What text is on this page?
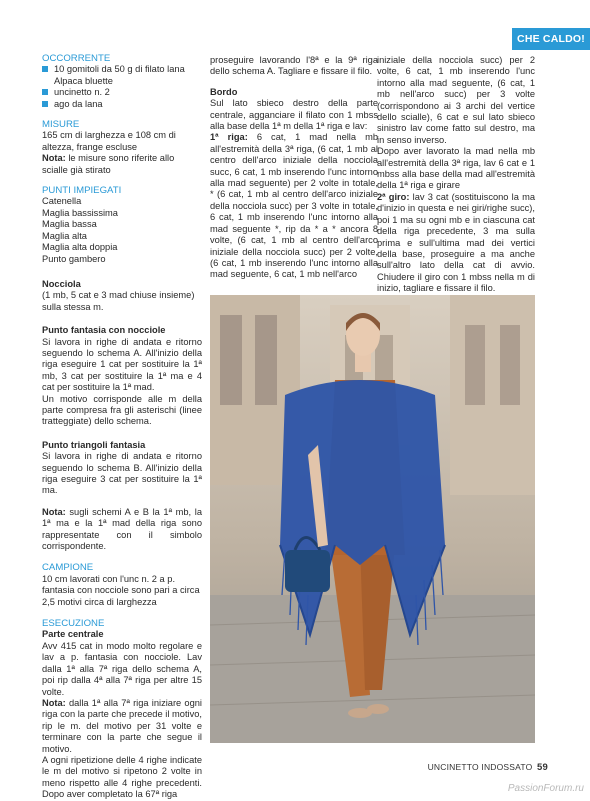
CHE CALDO!
OCCORRENTE
10 gomitoli da 50 g di filato lana Alpaca bluette
uncinetto n. 2
ago da lana
MISURE

165 cm di larghezza e 108 cm di altezza, frange escluse

Nota: le misure sono riferite allo scialle già stirato

PUNTI IMPIEGATI

Catenella

Maglia bassissima

Maglia bassa

Maglia alta

Maglia alta doppia

Punto gambero

Nocciola

(1 mb, 5 cat e 3 mad chiuse insieme) sulla stessa m.

Punto fantasia con nocciole

Si lavora in righe di andata e ritorno seguendo lo schema A. All'inizio della riga eseguire 1 cat per sostituire la 1ª mb, 3 cat per sostituire la 1ª ma e 4 cat per sostituire la 1ª mad.

Un motivo corrisponde alle m della parte compresa fra gli asterischi (linee tratteggiate) dello schema.

Punto triangoli fantasia

Si lavora in righe di andata e ritorno seguendo lo schema B. All'inizio della riga eseguire 3 cat per sostituire la 1ª ma.

Nota: sugli schemi A e B la 1ª mb, la 1ª ma e la 1ª mad della riga sono rappresentate con il simbolo corrispondente.

CAMPIONE

10 cm lavorati con l'unc n. 2 a p. fantasia con nocciole sono pari a circa 2,5 motivi circa di larghezza

ESECUZIONE
Parte centrale

Avv 415 cat in modo molto regolare e lav a p. fantasia con nocciole. Lav dalla 1ª alla 7ª riga dello schema A, poi rip dalla 4ª alla 7ª riga per altre 15 volte.

Nota: dalla 1ª alla 7ª riga iniziare ogni riga con la parte che precede il motivo, rip le m. del motivo per 31 volte e terminare con la parte che segue il motivo.

A ogni ripetizione delle 4 righe indicate le m del motivo si ripetono 2 volte in meno rispetto alle 4 righe precedenti. Dopo aver completato la 67ª riga

proseguire lavorando l'8ª e la 9ª riga dello schema A. Tagliare e fissare il filo.

Bordo

Sul lato sbieco destro della parte centrale, agganciare il filato con 1 mbss alla base della 1ª m della 1ª riga e lav:

1ª riga: 6 cat, 1 mad nella mb all'estremità della 3ª riga, (6 cat, 1 mb al centro dell'arco iniziale della nocciola succ, 6 cat, 1 mb inserendo l'unc intorno alla mad seguente) per 2 volte in totale, * (6 cat, 1 mb al centro dell'arco iniziale della nocciola succ) per 3 volte in totale, 6 cat, 1 mb inserendo l'unc intorno alla mad seguente *, rip da * a * ancora 8 volte, (6 cat, 1 mb al centro dell'arco iniziale della nocciola succ) per 2 volte, (6 cat, 1 mb inserendo l'unc intorno alla mad seguente, 6 cat, 1 mb nell'arco

iniziale della nocciola succ) per 2 volte, 6 cat, 1 mb inserendo l'unc intorno alla mad seguente, (6 cat, 1 mb nell'arco succ) per 3 volte (corrispondono ai 3 archi del vertice dello scialle), 6 cat e sul lato sbieco sinistro lav come fatto sul destro, ma in senso inverso.

Dopo aver lavorato la mad nella mb all'estremità della 3ª riga, lav 6 cat e 1 mbss alla base della mad all'estremità della 1ª riga e girare

2ª giro: lav 3 cat (sostituiscono la ma d'inizio in questa e nei giri/righe succ), poi 1 ma su ogni mb e in ciascuna cat della riga precedente, 3 ma sulla prima e sull'ultima mad dei vertici della base, proseguire a ma anche sull'altro lato della cat di avvio. Chiudere il giro con 1 mbss nella m di inizio, tagliare e fissare il filo.

UNCINETTO INDOSSATO 59
PassionForum.ru
